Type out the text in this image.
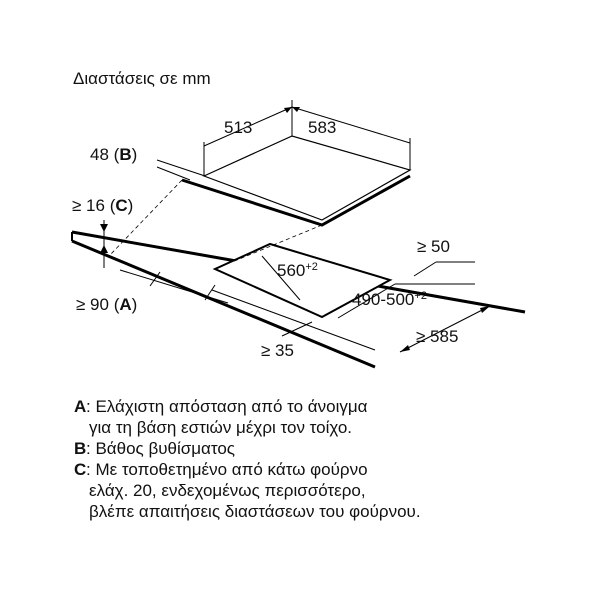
Διαστάσεις σε mm
513	583
48 (B)
≥ 16 (C)
$560^{+2}$
$490-500^{+2}$
≥ 50
≥ 90 (A)
≥ 585
≥ 35
A : Ελάχιστη απόσταση από το άνοιγμα
για τη βάση εστιών μέχρι τον τοίχο.
B : Βάθος βυθίσματος
C : Με τοποθετημένο από κάτω φούρνο
ελάχ. 20, ενδεχομένως περισσότερο,
βλέπε απαιτήσεις διαστάσεων του φούρνου.
